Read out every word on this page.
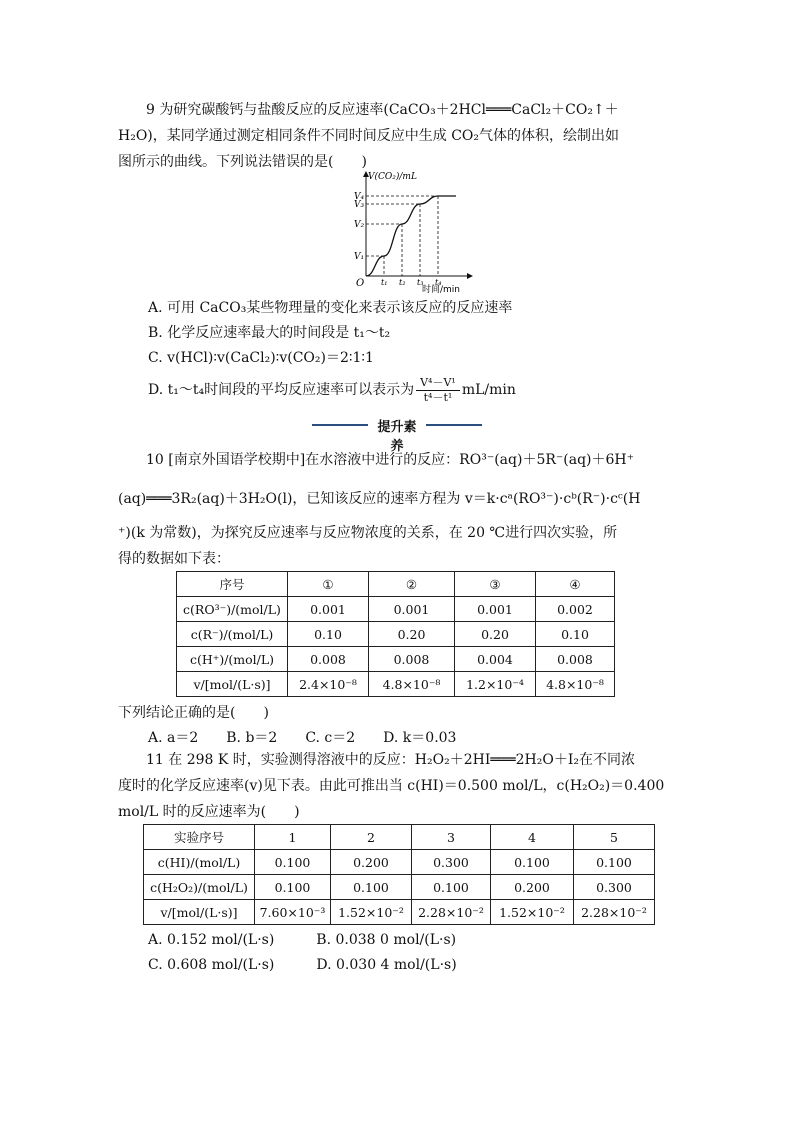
9 为研究碳酸钙与盐酸反应的反应速率(CaCO₃＋2HCl═══CaCl₂＋CO₂↑＋
H₂O)，某同学通过测定相同条件不同时间反应中生成 CO₂气体的体积，绘制出如
图所示的曲线。下列说法错误的是(　　)
V(CO₂)/mL
O
时间/min
V₁
V₂
V₃
V₄
t₁ t₂ t₃ t₄
A. 可用 CaCO₃某些物理量的变化来表示该反应的反应速率
B. 化学反应速率最大的时间段是 t₁～t₂
C. v(HCl)∶v(CaCl₂)∶v(CO₂)＝2∶1∶1
D. t₁～t₄时间段的平均反应速率可以表示为 $\frac{\text{V⁴－V¹}}{\text{t⁴－t¹}} mL/\min$
提升素养
10 [南京外国语学校期中]在水溶液中进行的反应：RO³⁻(aq)＋5R⁻(aq)＋6H⁺
(aq)═══3R₂(aq)＋3H₂O(l)，已知该反应的速率方程为 v＝k·cᵃ(RO³⁻)·cᵇ(R⁻)·cᶜ(H
⁺)(k 为常数)，为探究反应速率与反应物浓度的关系，在 20 ℃进行四次实验，所
得的数据如下表：
序号	①	②	③	④
c(RO³⁻)/(mol/L)	0.001	0.001	0.001	0.002
c(R⁻)/(mol/L)	0.10	0.20	0.20	0.10
c(H⁺)/(mol/L)	0.008	0.008	0.004	0.008
v/[mol/(L·s)]	2.4×10⁻⁸	4.8×10⁻⁸	1.2×10⁻⁴	4.8×10⁻⁸
下列结论正确的是(　　)
A. a＝2　　B. b＝2　　C. c＝2　　D. k＝0.03
11 在 298 K 时，实验测得溶液中的反应：H₂O₂＋2HI═══2H₂O＋I₂在不同浓
度时的化学反应速率(v)见下表。由此可推出当 c(HI)＝0.500 mol/L，c(H₂O₂)＝0.400
mol/L 时的反应速率为(　　)
实验序号	1	2	3	4	5
c(HI)/(mol/L)	0.100	0.200	0.300	0.100	0.100
c(H₂O₂)/(mol/L)	0.100	0.100	0.100	0.200	0.300
v/[mol/(L·s)]	7.60×10⁻³	1.52×10⁻²	2.28×10⁻²	1.52×10⁻²	2.28×10⁻²
A. 0.152 mol/(L·s)　　　B. 0.038 0 mol/(L·s)
C. 0.608 mol/(L·s)　　　D. 0.030 4 mol/(L·s)
